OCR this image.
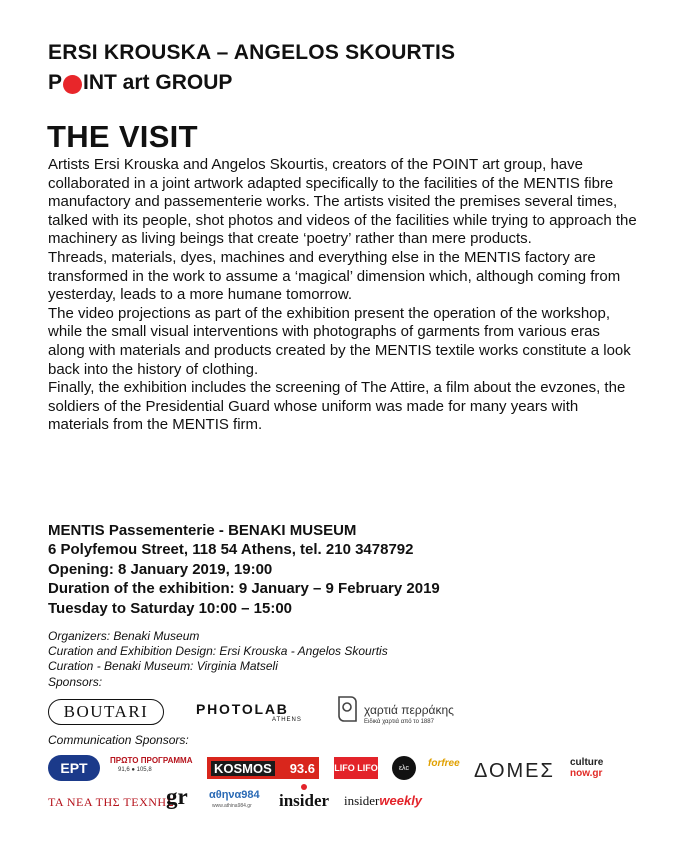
ERSI KROUSKA – ANGELOS SKOURTIS
P INT art GROUP
THE VISIT

Artists Ersi Krouska and Angelos Skourtis, creators of the POINT art group, have collaborated in a joint artwork adapted specifically to the facilities of the MENTIS fibre manufactory and passementerie works. The artists visited the premises several times, talked with its people, shot photos and videos of the facilities while trying to approach the machinery as living beings that create ‘poetry’ rather than mere products.

Threads, materials, dyes, machines and everything else in the MENTIS factory are transformed in the work to assume a ‘magical’ dimension which, although coming from yesterday, leads to a more humane tomorrow.

The video projections as part of the exhibition present the operation of the workshop, while the small visual interventions with photographs of garments from various eras along with materials and products created by the MENTIS textile works constitute a look back into the history of clothing.

Finally, the exhibition includes the screening of The Attire, a film about the evzones, the soldiers of the Presidential Guard whose uniform was made for many years with materials from the MENTIS firm.

MENTIS Passementerie - BENAKI MUSEUM
6 Polyfemou Street, 118 54 Athens, tel. 210 3478792
Opening: 8 January 2019, 19:00
Duration of the exhibition: 9 January – 9 February 2019
Tuesday to Saturday 10:00 – 15:00
Organizers: Benaki Museum
Curation and Exhibition Design: Ersi Krouska - Angelos Skourtis
Curation - Benaki Museum: Virginia Matseli
Sponsors:
BOUTARI	PHOTOLAB
ATHENS
χαρτιά περράκης
Ειδικά χαρτιά από το 1887
Communication Sponsors:
ΕΡΤ	ΠΡΩΤΟ ΠΡΟΓΡΑΜΜΑ
91,6 ● 105,8	KOSMOS 93.6 LIFO LIFO	ελc	forfree ΔΟΜΕΣ culture
now.gr
ΤΑ ΝΕΑ ΤΗΣ ΤΕΧΝΗΣ
gr αθηνα984
www.athina984.gr insider insiderweekly
